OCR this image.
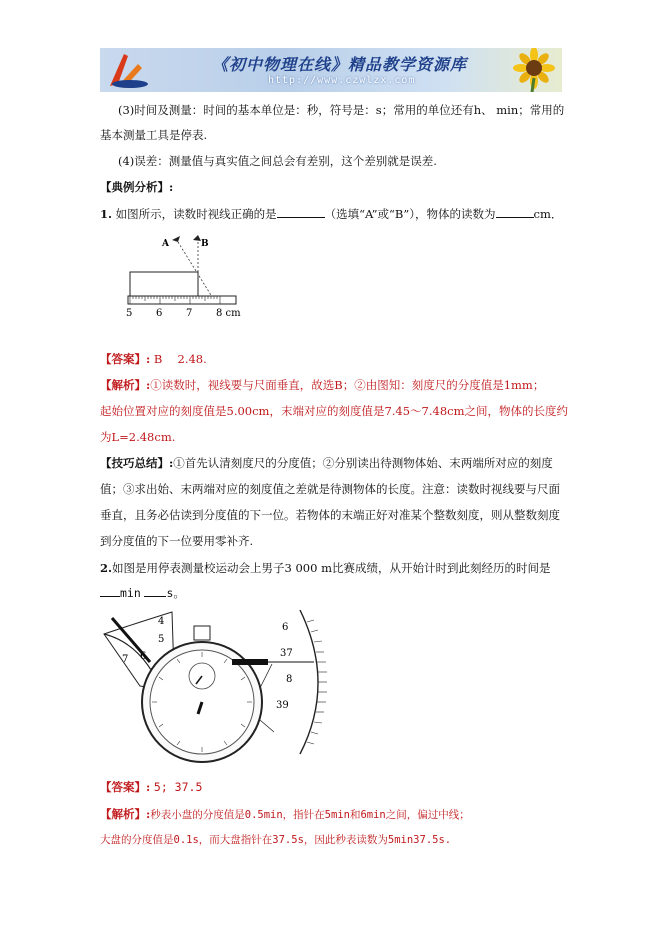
《初中物理在线》精品教学资源库
http://www.czwlzx.com
(3)时间及测量：时间的基本单位是：秒，符号是：s；常用的单位还有h、 min；常用的
基本测量工具是停表.
(4)误差：测量值与真实值之间总会有差别，这个差别就是误差.
【典例分析】:
1. 如图所示，读数时视线正确的是	（选填“A”或“B”），物体的读数为	cm．
A	B
5 6 7 8 cm
【答案】: B　 2.48.
【解析】:①读数时，视线要与尺面垂直，故选B；②由图知：刻度尺的分度值是1mm；
起始位置对应的刻度值是5.00cm，末端对应的刻度值是7.45～7.48cm之间，物体的长度约
为L=2.48cm.
【技巧总结】:①首先认清刻度尺的分度值；②分别读出待测物体始、末两端所对应的刻度
值；③求出始、末两端对应的刻度值之差就是待测物体的长度。注意：读数时视线要与尺面
垂直，且务必估读到分度值的下一位。若物体的末端正好对准某个整数刻度，则从整数刻度
到分度值的下一位要用零补齐.
2.如图是用停表测量校运动会上男子3 000 m比赛成绩，从开始计时到此刻经历的时间是
min s。
4
5
6
7
6
37
8
39
【答案】: 5; 37.5
【解析】:秒表小盘的分度值是0.5min，指针在5min和6min之间，偏过中线；
大盘的分度值是0.1s，而大盘指针在37.5s，因此秒表读数为5min37.5s.
